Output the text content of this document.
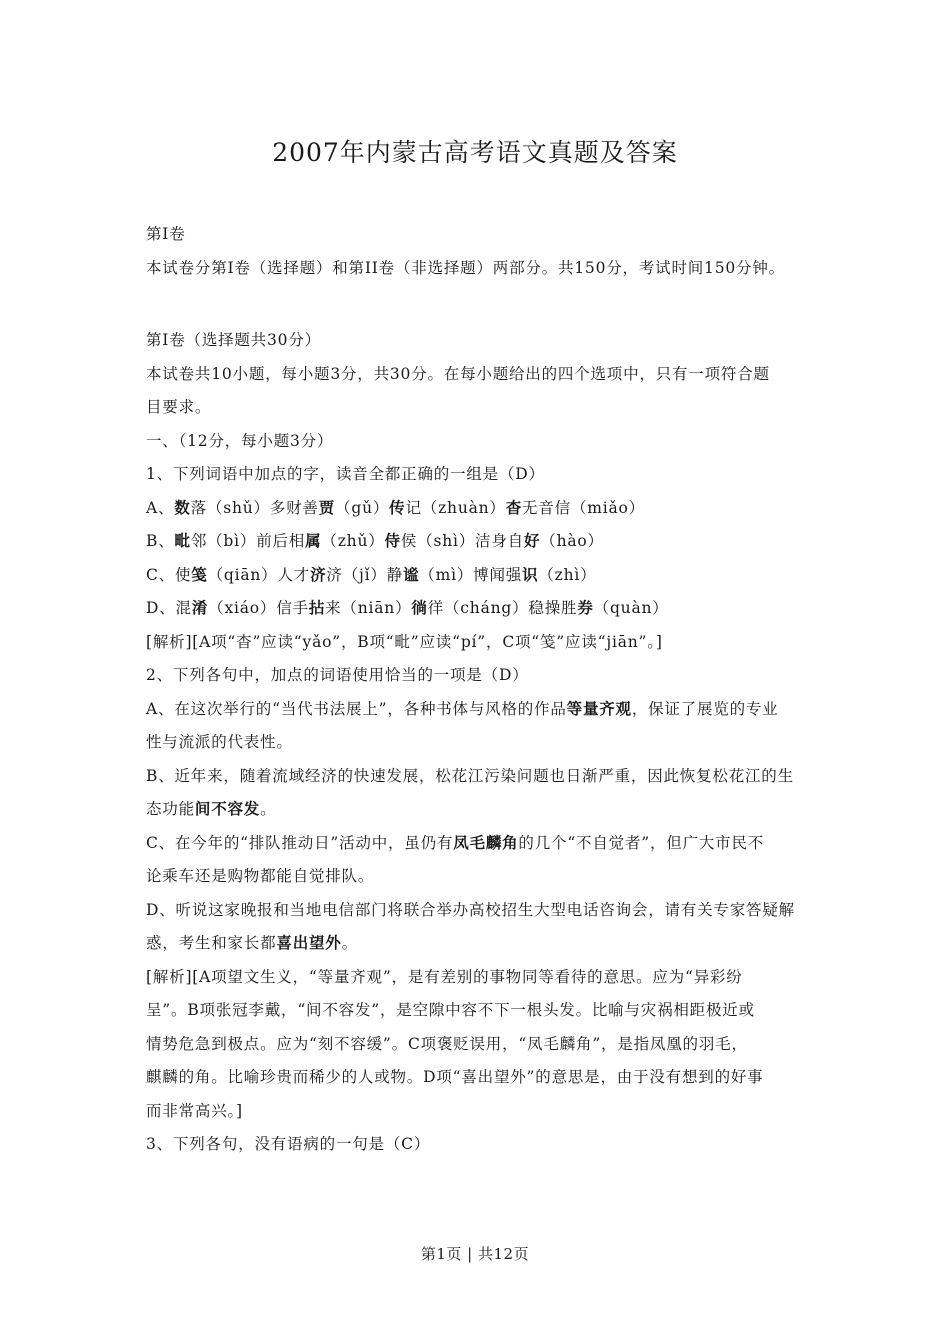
2007年内蒙古高考语文真题及答案
第Ⅰ卷
本试卷分第Ⅰ卷（选择题）和第II卷（非选择题）两部分。共150分，考试时间150分钟。
第Ⅰ卷（选择题共30分）
本试卷共10小题，每小题3分，共30分。在每小题给出的四个选项中，只有一项符合题
目要求。
一、（12分，每小题3分）
1、下列词语中加点的字，读音全都正确的一组是（D）
A、数落（shǔ）多财善贾（gǔ）传记（zhuàn）杳无音信（miǎo）
B、毗邻（bì）前后相属（zhǔ）侍侯（shì）洁身自好（hào）
C、使笺（qiān）人才济济（jǐ）静谧（mì）博闻强识（zhì）
D、混淆（xiáo）信手拈来（niān）徜徉（cháng）稳操胜券（quàn）
[解析][A项“杳”应读“yǎo”，B项“毗”应读“pí”，C项“笺”应读“jiān”。]
2、下列各句中，加点的词语使用恰当的一项是（D）
A、在这次举行的“当代书法展上”，各种书体与风格的作品等量齐观，保证了展览的专业
性与流派的代表性。
B、近年来，随着流域经济的快速发展，松花江污染问题也日渐严重，因此恢复松花江的生
态功能间不容发。
C、在今年的“排队推动日”活动中，虽仍有凤毛麟角的几个“不自觉者”，但广大市民不
论乘车还是购物都能自觉排队。
D、听说这家晚报和当地电信部门将联合举办高校招生大型电话咨询会，请有关专家答疑解
惑，考生和家长都喜出望外。
[解析][A项望文生义，“等量齐观”，是有差别的事物同等看待的意思。应为“异彩纷
呈”。B项张冠李戴，“间不容发”，是空隙中容不下一根头发。比喻与灾祸相距极近或
情势危急到极点。应为“刻不容缓”。C项褒贬误用，“凤毛麟角”，是指凤凰的羽毛，
麒麟的角。比喻珍贵而稀少的人或物。D项“喜出望外”的意思是，由于没有想到的好事
而非常高兴。]
3、下列各句，没有语病的一句是（C）
第1页 | 共12页
